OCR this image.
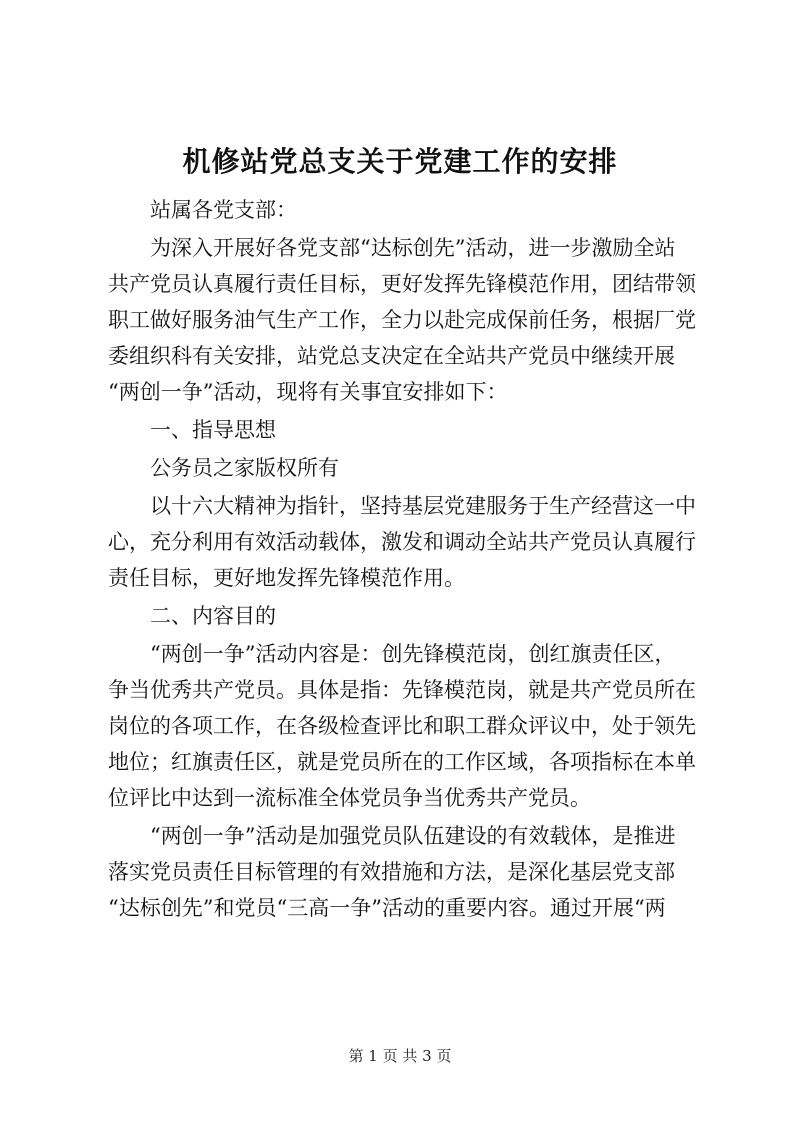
机修站党总支关于党建工作的安排
站属各党支部：
为深入开展好各党支部“达标创先”活动，进一步激励全站
共产党员认真履行责任目标，更好发挥先锋模范作用，团结带领
职工做好服务油气生产工作，全力以赴完成保前任务，根据厂党
委组织科有关安排，站党总支决定在全站共产党员中继续开展
“两创一争”活动，现将有关事宜安排如下：
一、指导思想
公务员之家版权所有
以十六大精神为指针，坚持基层党建服务于生产经营这一中
心，充分利用有效活动载体，激发和调动全站共产党员认真履行
责任目标，更好地发挥先锋模范作用。
二、内容目的
“两创一争”活动内容是：创先锋模范岗，创红旗责任区，
争当优秀共产党员。具体是指：先锋模范岗，就是共产党员所在
岗位的各项工作，在各级检查评比和职工群众评议中，处于领先
地位；红旗责任区，就是党员所在的工作区域，各项指标在本单
位评比中达到一流标准全体党员争当优秀共产党员。
“两创一争”活动是加强党员队伍建设的有效载体，是推进
落实党员责任目标管理的有效措施和方法，是深化基层党支部
“达标创先”和党员“三高一争”活动的重要内容。通过开展“两
第 1 页 共 3 页
